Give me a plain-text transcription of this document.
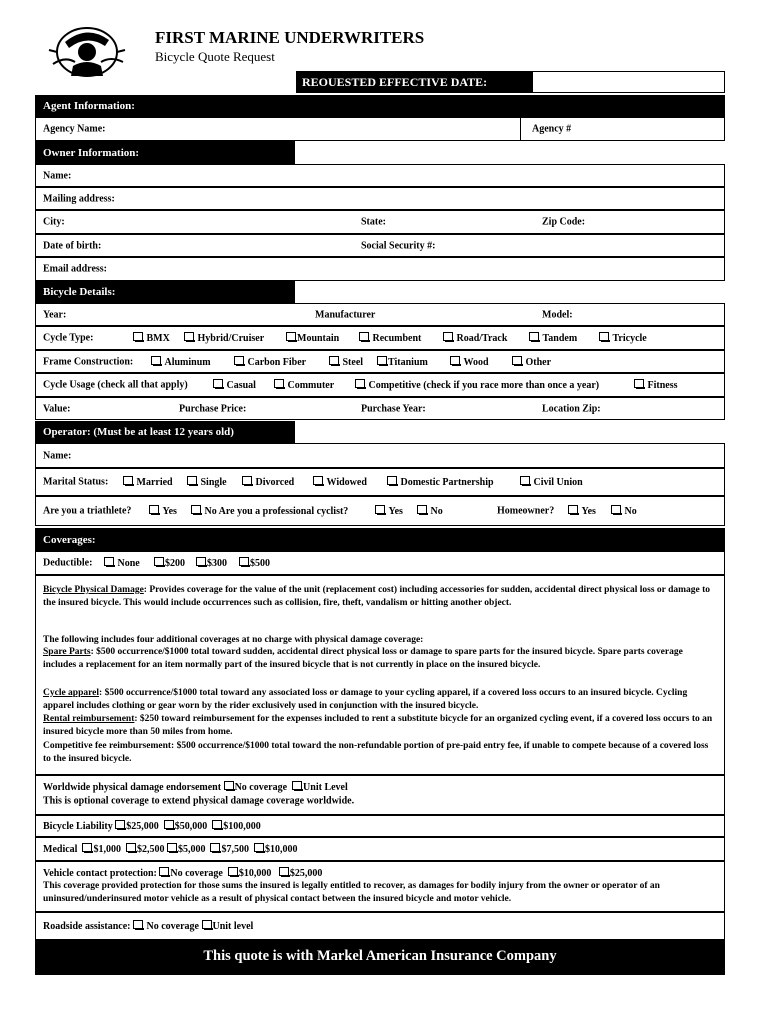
FIRST MARINE UNDERWRITERS
Bicycle Quote Request
REOUESTED EFFECTIVE DATE:
Agent Information:
Agency Name:	Agency #
Owner Information:
Name:
Mailing address:
City:	State:	Zip Code:
Date of birth:	Social Security #:
Email address:
Bicycle Details:
Year:	Manufacturer	Model:
Cycle Type:	BMX	Hybrid/Cruiser	Mountain	Recumbent	Road/Track	Tandem	Tricycle
Frame Construction:	Aluminum	Carbon Fiber	Steel	Titanium	Wood	Other
Cycle Usage (check all that apply)	Casual	Commuter	Competitive (check if you race more than once a year)	Fitness
Value:	Purchase Price:	Purchase Year:	Location Zip:
Operator: (Must be at least 12 years old)
Name:
Marital Status:	Married	Single	Divorced	Widowed	Domestic Partnership	Civil Union
Are you a triathlete?	Yes	No Are you a professional cyclist?	Yes	No	Homeowner?	Yes	No
Coverages:
Deductible:	None	$200	$300	$500
Bicycle Physical Damage: Provides coverage for the value of the unit (replacement cost) including accessories for sudden, accidental direct physical loss or damage to the insured bicycle. This would include occurrences such as collision, fire, theft, vandalism or hitting another object.
The following includes four additional coverages at no charge with physical damage coverage:
Spare Parts: $500 occurrence/$1000 total toward sudden, accidental direct physical loss or damage to spare parts for the insured bicycle. Spare parts coverage includes a replacement for an item normally part of the insured bicycle that is not currently in place on the insured bicycle.
Cycle apparel: $500 occurrence/$1000 total toward any associated loss or damage to your cycling apparel, if a covered loss occurs to an insured bicycle. Cycling apparel includes clothing or gear worn by the rider exclusively used in conjunction with the insured bicycle.
Rental reimbursement: $250 toward reimbursement for the expenses included to rent a substitute bicycle for an organized cycling event, if a covered loss occurs to an insured bicycle more than 50 miles from home.
Competitive fee reimbursement: $500 occurrence/$1000 total toward the non-refundable portion of pre-paid entry fee, if unable to compete because of a covered loss to the insured bicycle.
Worldwide physical damage endorsement No coverage Unit Level
This is optional coverage to extend physical damage coverage worldwide.
Bicycle Liability $25,000 $50,000 $100,000
Medical $1,000 $2,500 $5,000 $7,500 $10,000
Vehicle contact protection: No coverage $10,000 $25,000
This coverage provided protection for those sums the insured is legally entitled to recover, as damages for bodily injury from the owner or operator of an uninsured/underinsured motor vehicle as a result of physical contact between the insured bicycle and motor vehicle.
Roadside assistance: No coverage Unit level
This quote is with Markel American Insurance Company
